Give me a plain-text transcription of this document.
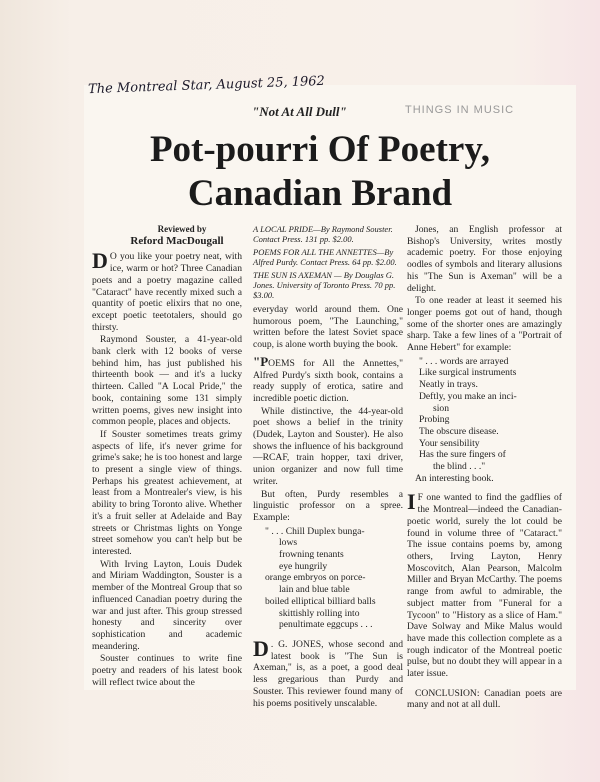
The Montreal Star, August 25, 1962
"Not At All Dull"	THINGS IN MUSIC
Pot-pourri Of Poetry, Canadian Brand
Reviewed by
Reford MacDougall

D O you like your poetry neat, with ice, warm or hot? Three Canadian poets and a poetry magazine called "Cataract" have recently mixed such a quantity of poetic elixirs that no one, except poetic teetotalers, should go thirsty.

Raymond Souster, a 41-year-old bank clerk with 12 books of verse behind him, has just published his thirteenth book — and it's a lucky thirteen. Called "A Local Pride," the book, containing some 131 simply written poems, gives new insight into common people, places and objects.

If Souster sometimes treats grimy aspects of life, it's never grime for grime's sake; he is too honest and large to present a single view of things. Perhaps his greatest achievement, at least from a Montrealer's view, is his ability to bring Toronto alive. Whether it's a fruit seller at Adelaide and Bay streets or Christmas lights on Yonge street somehow you can't help but be interested.

With Irving Layton, Louis Dudek and Miriam Waddington, Souster is a member of the Montreal Group that so influenced Canadian poetry during the war and just after. This group stressed honesty and sincerity over sophistication and academic meandering.

Souster continues to write fine poetry and readers of his latest book will reflect twice about the

A LOCAL PRIDE—By Raymond Souster. Contact Press. 131 pp. $2.00.
POEMS FOR ALL THE ANNETTES—By Alfred Purdy. Contact Press. 64 pp. $2.00.
THE SUN IS AXEMAN — By Douglas G. Jones. University of Toronto Press. 70 pp. $3.00.

everyday world around them. One humorous poem, "The Launching," written before the latest Soviet space coup, is alone worth buying the book.

"POEMS for All the Annettes," Alfred Purdy's sixth book, contains a ready supply of erotica, satire and incredible poetic diction.

While distinctive, the 44-year-old poet shows a belief in the trinity (Dudek, Layton and Souster). He also shows the influence of his background—RCAF, train hopper, taxi driver, union organizer and now full time writer.

But often, Purdy resembles a linguistic professor on a spree. Example:

" . . . Chill Duplex bunga-
lows
frowning tenants
eye hungrily
orange embryos on porce-
lain and blue table
boiled elliptical billiard balls
skittishly rolling into
penultimate eggcups . . .

D . G. JONES, whose second and latest book is "The Sun is Axeman," is, as a poet, a good deal less gregarious than Purdy and Souster. This reviewer found many of his poems positively unscalable.

Jones, an English professor at Bishop's University, writes mostly academic poetry. For those enjoying oodles of symbols and literary allusions his "The Sun is Axeman" will be a delight.

To one reader at least it seemed his longer poems got out of hand, though some of the shorter ones are amazingly sharp. Take a few lines of a "Portrait of Anne Hebert" for example:

" . . . words are arrayed
Like surgical instruments
Neatly in trays.
Deftly, you make an inci-
sion
Probing
The obscure disease.
Your sensibility
Has the sure fingers of
the blind . . ."

An interesting book.

I F one wanted to find the gadflies of the Montreal—indeed the Canadian-poetic world, surely the lot could be found in volume three of "Cataract." The issue contains poems by, among others, Irving Layton, Henry Moscovitch, Alan Pearson, Malcolm Miller and Bryan McCarthy. The poems range from awful to admirable, the subject matter from "Funeral for a Tycoon" to "History as a slice of Ham." Dave Solway and Mike Malus would have made this collection complete as a rough indicator of the Montreal poetic pulse, but no doubt they will appear in a later issue.

CONCLUSION: Canadian poets are many and not at all dull.
